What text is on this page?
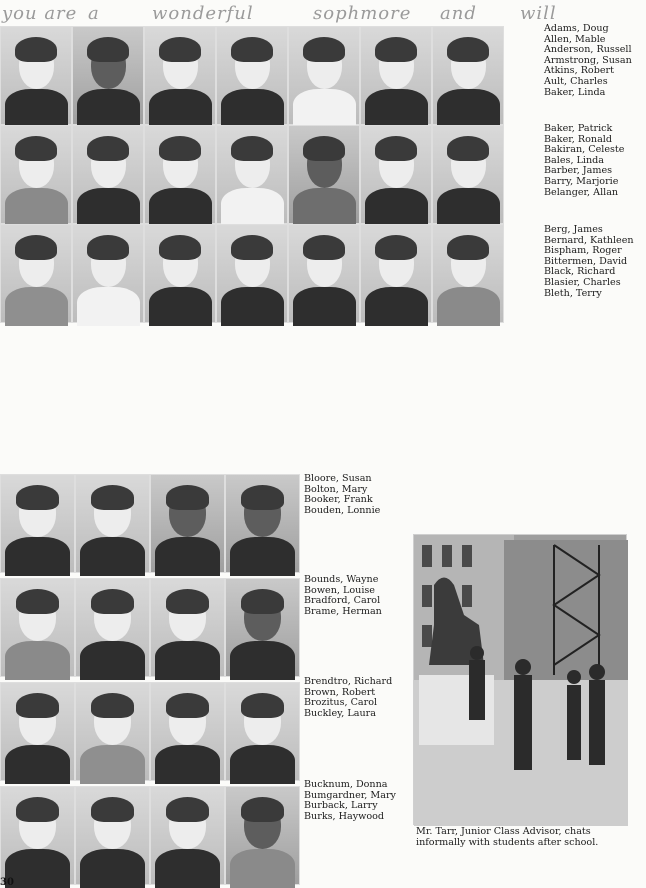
you are a	wonderful	sophmore and will
Adams, Doug
Allen, Mable
Anderson, Russell
Armstrong, Susan
Atkins, Robert
Ault, Charles
Baker, Linda
Baker, Patrick
Baker, Ronald
Bakiran, Celeste
Bales, Linda
Barber, James
Barry, Marjorie
Belanger, Allan
Berg, James
Bernard, Kathleen
Bispham, Roger
Bittermen, David
Black, Richard
Blasier, Charles
Bleth, Terry
Bloore, Susan
Bolton, Mary
Booker, Frank
Bouden, Lonnie
Bounds, Wayne
Bowen, Louise
Bradford, Carol
Brame, Herman
Brendtro, Richard
Brown, Robert
Brozitus, Carol
Buckley, Laura
Bucknum, Donna
Bumgardner, Mary
Burback, Larry
Burks, Haywood
Mr. Tarr, Junior Class Advisor, chats informally with students after school.
30
